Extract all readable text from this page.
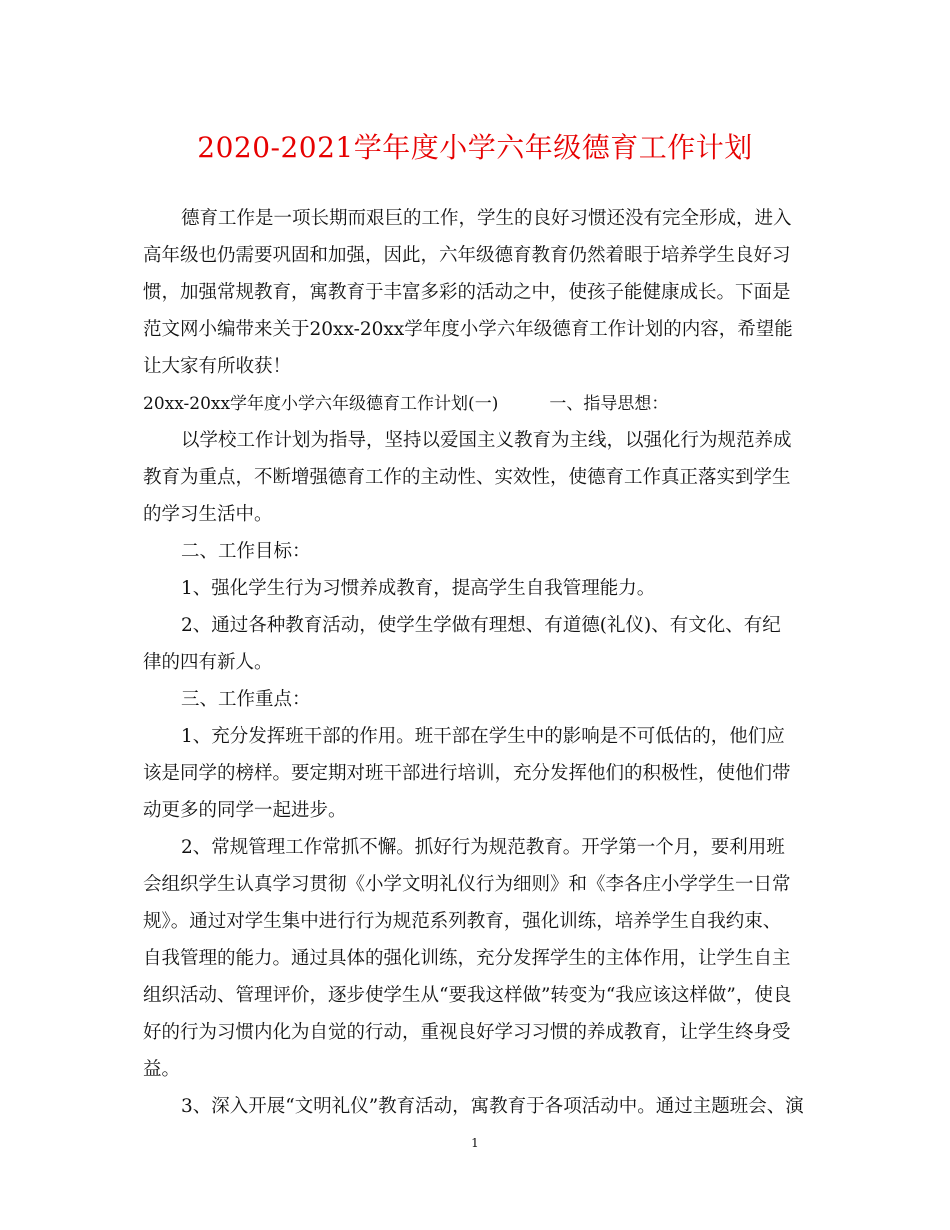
2020-2021学年度小学六年级德育工作计划
德育工作是一项长期而艰巨的工作，学生的良好习惯还没有完全形成，进入
高年级也仍需要巩固和加强，因此，六年级德育教育仍然着眼于培养学生良好习
惯，加强常规教育，寓教育于丰富多彩的活动之中，使孩子能健康成长。下面是
范文网小编带来关于20xx-20xx学年度小学六年级德育工作计划的内容，希望能
让大家有所收获！
20xx-20xx学年度小学六年级德育工作计划(一)　　　一、指导思想：
以学校工作计划为指导，坚持以爱国主义教育为主线，以强化行为规范养成
教育为重点，不断增强德育工作的主动性、实效性，使德育工作真正落实到学生
的学习生活中。
二、工作目标：
1、强化学生行为习惯养成教育，提高学生自我管理能力。
2、通过各种教育活动，使学生学做有理想、有道德(礼仪)、有文化、有纪
律的四有新人。
三、工作重点：
1、充分发挥班干部的作用。班干部在学生中的影响是不可低估的，他们应
该是同学的榜样。要定期对班干部进行培训，充分发挥他们的积极性，使他们带
动更多的同学一起进步。
2、常规管理工作常抓不懈。抓好行为规范教育。开学第一个月，要利用班
会组织学生认真学习贯彻《小学文明礼仪行为细则》和《李各庄小学学生一日常
规》。通过对学生集中进行行为规范系列教育，强化训练，培养学生自我约束、
自我管理的能力。通过具体的强化训练，充分发挥学生的主体作用，让学生自主
组织活动、管理评价，逐步使学生从“要我这样做”转变为“我应该这样做”，使良
好的行为习惯内化为自觉的行动，重视良好学习习惯的养成教育，让学生终身受
益。
3、深入开展“文明礼仪”教育活动，寓教育于各项活动中。通过主题班会、演
1
